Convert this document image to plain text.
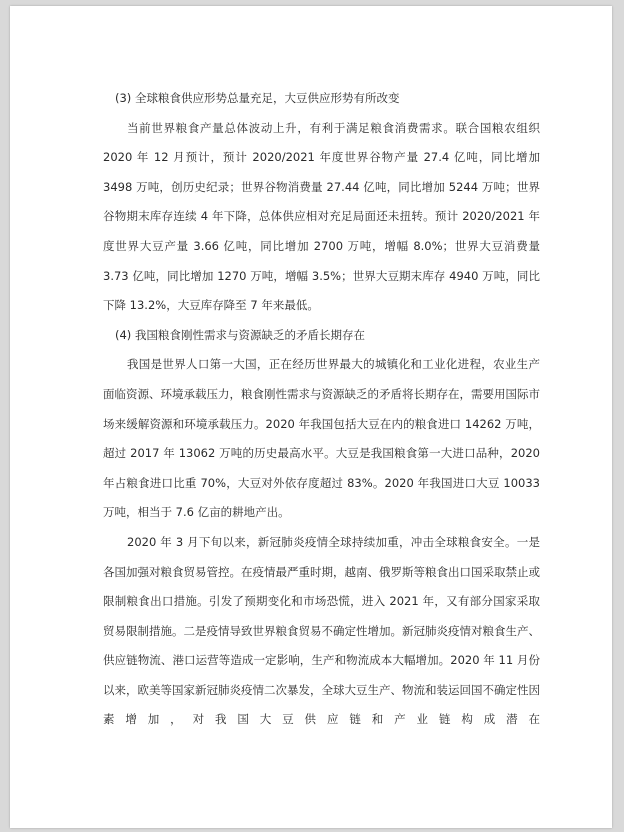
(3) 全球粮食供应形势总量充足，大豆供应形势有所改变

当前世界粮食产量总体波动上升，有利于满足粮食消费需求。联合国粮农组织 2020 年 12 月预计，预计 2020/2021 年度世界谷物产量 27.4 亿吨，同比增加 3498 万吨，创历史纪录；世界谷物消费量 27.44 亿吨，同比增加 5244 万吨；世界谷物期末库存连续 4 年下降，总体供应相对充足局面还未扭转。预计 2020/2021 年度世界大豆产量 3.66 亿吨，同比增加 2700 万吨，增幅 8.0%；世界大豆消费量 3.73 亿吨，同比增加 1270 万吨，增幅 3.5%；世界大豆期末库存 4940 万吨，同比下降 13.2%，大豆库存降至 7 年来最低。

(4) 我国粮食刚性需求与资源缺乏的矛盾长期存在

我国是世界人口第一大国，正在经历世界最大的城镇化和工业化进程，农业生产面临资源、环境承载压力，粮食刚性需求与资源缺乏的矛盾将长期存在，需要用国际市场来缓解资源和环境承载压力。2020 年我国包括大豆在内的粮食进口 14262 万吨，超过 2017 年 13062 万吨的历史最高水平。大豆是我国粮食第一大进口品种，2020 年占粮食进口比重 70%，大豆对外依存度超过 83%。2020 年我国进口大豆 10033 万吨，相当于 7.6 亿亩的耕地产出。

2020 年 3 月下旬以来，新冠肺炎疫情全球持续加重，冲击全球粮食安全。一是各国加强对粮食贸易管控。在疫情最严重时期，越南、俄罗斯等粮食出口国采取禁止或限制粮食出口措施。引发了预期变化和市场恐慌，进入 2021 年，又有部分国家采取贸易限制措施。二是疫情导致世界粮食贸易不确定性增加。新冠肺炎疫情对粮食生产、供应链物流、港口运营等造成一定影响，生产和物流成本大幅增加。2020 年 11 月份以来，欧美等国家新冠肺炎疫情二次暴发，全球大豆生产、物流和装运回国不确定性因素增加，对我国大豆供应链和产业链构成潜在
